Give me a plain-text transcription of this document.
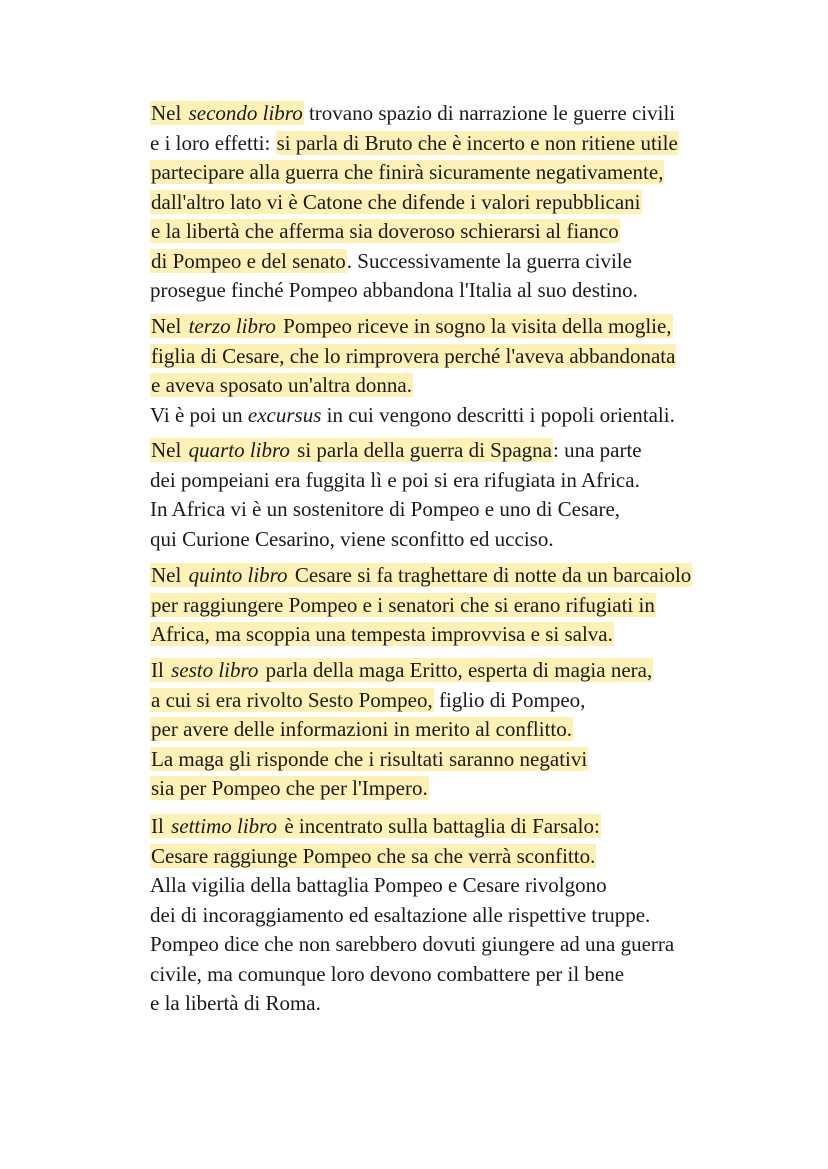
Nel secondo libro trovano spazio di narrazione le guerre civili
e i loro effetti: si parla di Bruto che è incerto e non ritiene utile
partecipare alla guerra che finirà sicuramente negativamente,
dall'altro lato vi è Catone che difende i valori repubblicani
e la libertà che afferma sia doveroso schierarsi al fianco
di Pompeo e del senato. Successivamente la guerra civile
prosegue finché Pompeo abbandona l'Italia al suo destino.
Nel terzo libro Pompeo riceve in sogno la visita della moglie,
figlia di Cesare, che lo rimprovera perché l'aveva abbandonata
e aveva sposato un'altra donna.
Vi è poi un excursus in cui vengono descritti i popoli orientali.
Nel quarto libro si parla della guerra di Spagna: una parte
dei pompeiani era fuggita lì e poi si era rifugiata in Africa.
In Africa vi è un sostenitore di Pompeo e uno di Cesare,
qui Curione Cesarino, viene sconfitto ed ucciso.
Nel quinto libro Cesare si fa traghettare di notte da un barcaiolo
per raggiungere Pompeo e i senatori che si erano rifugiati in
Africa, ma scoppia una tempesta improvvisa e si salva.
Il sesto libro parla della maga Eritto, esperta di magia nera,
a cui si era rivolto Sesto Pompeo, figlio di Pompeo,
per avere delle informazioni in merito al conflitto.
La maga gli risponde che i risultati saranno negativi
sia per Pompeo che per l'Impero.
Il settimo libro è incentrato sulla battaglia di Farsalo:
Cesare raggiunge Pompeo che sa che verrà sconfitto.
Alla vigilia della battaglia Pompeo e Cesare rivolgono
dei di incoraggiamento ed esaltazione alle rispettive truppe.
Pompeo dice che non sarebbero dovuti giungere ad una guerra
civile, ma comunque loro devono combattere per il bene
e la libertà di Roma.
